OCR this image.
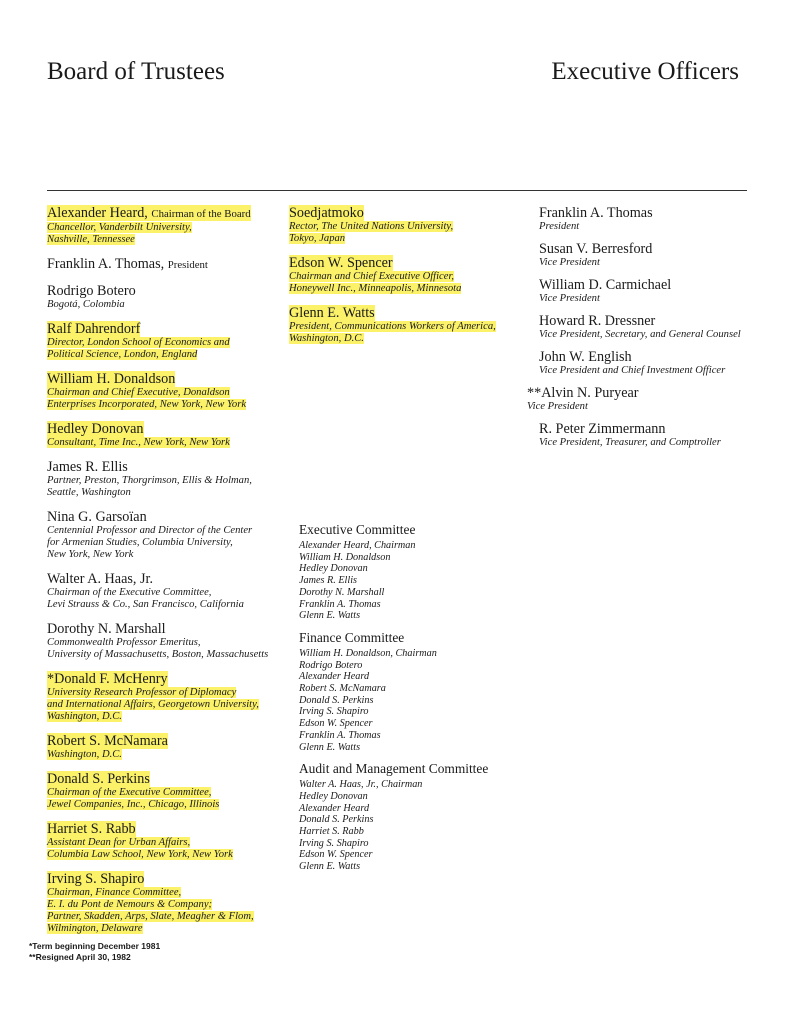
Board of Trustees	Executive Officers
Alexander Heard, Chairman of the Board
Chancellor, Vanderbilt University,
Nashville, Tennessee
Franklin A. Thomas, President
Rodrigo Botero
Bogotá, Colombia
Ralf Dahrendorf
Director, London School of Economics and
Political Science, London, England
William H. Donaldson
Chairman and Chief Executive, Donaldson
Enterprises Incorporated, New York, New York
Hedley Donovan
Consultant, Time Inc., New York, New York
James R. Ellis
Partner, Preston, Thorgrimson, Ellis & Holman,
Seattle, Washington
Nina G. Garsoïan
Centennial Professor and Director of the Center
for Armenian Studies, Columbia University,
New York, New York
Walter A. Haas, Jr.
Chairman of the Executive Committee,
Levi Strauss & Co., San Francisco, California
Dorothy N. Marshall
Commonwealth Professor Emeritus,
University of Massachusetts, Boston, Massachusetts
*Donald F. McHenry
University Research Professor of Diplomacy
and International Affairs, Georgetown University,
Washington, D.C.
Robert S. McNamara
Washington, D.C.
Donald S. Perkins
Chairman of the Executive Committee,
Jewel Companies, Inc., Chicago, Illinois
Harriet S. Rabb
Assistant Dean for Urban Affairs,
Columbia Law School, New York, New York
Irving S. Shapiro
Chairman, Finance Committee,
E. I. du Pont de Nemours & Company;
Partner, Skadden, Arps, Slate, Meagher & Flom,
Wilmington, Delaware
Soedjatmoko
Rector, The United Nations University,
Tokyo, Japan
Edson W. Spencer
Chairman and Chief Executive Officer,
Honeywell Inc., Minneapolis, Minnesota
Glenn E. Watts
President, Communications Workers of America,
Washington, D.C.
Franklin A. Thomas
President
Susan V. Berresford
Vice President
William D. Carmichael
Vice President
Howard R. Dressner
Vice President, Secretary, and General Counsel
John W. English
Vice President and Chief Investment Officer
**Alvin N. Puryear
Vice President
R. Peter Zimmermann
Vice President, Treasurer, and Comptroller
Executive Committee
Alexander Heard, Chairman
William H. Donaldson
Hedley Donovan
James R. Ellis
Dorothy N. Marshall
Franklin A. Thomas
Glenn E. Watts
Finance Committee
William H. Donaldson, Chairman
Rodrigo Botero
Alexander Heard
Robert S. McNamara
Donald S. Perkins
Irving S. Shapiro
Edson W. Spencer
Franklin A. Thomas
Glenn E. Watts
Audit and Management Committee
Walter A. Haas, Jr., Chairman
Hedley Donovan
Alexander Heard
Donald S. Perkins
Harriet S. Rabb
Irving S. Shapiro
Edson W. Spencer
Glenn E. Watts
*Term beginning December 1981
**Resigned April 30, 1982
